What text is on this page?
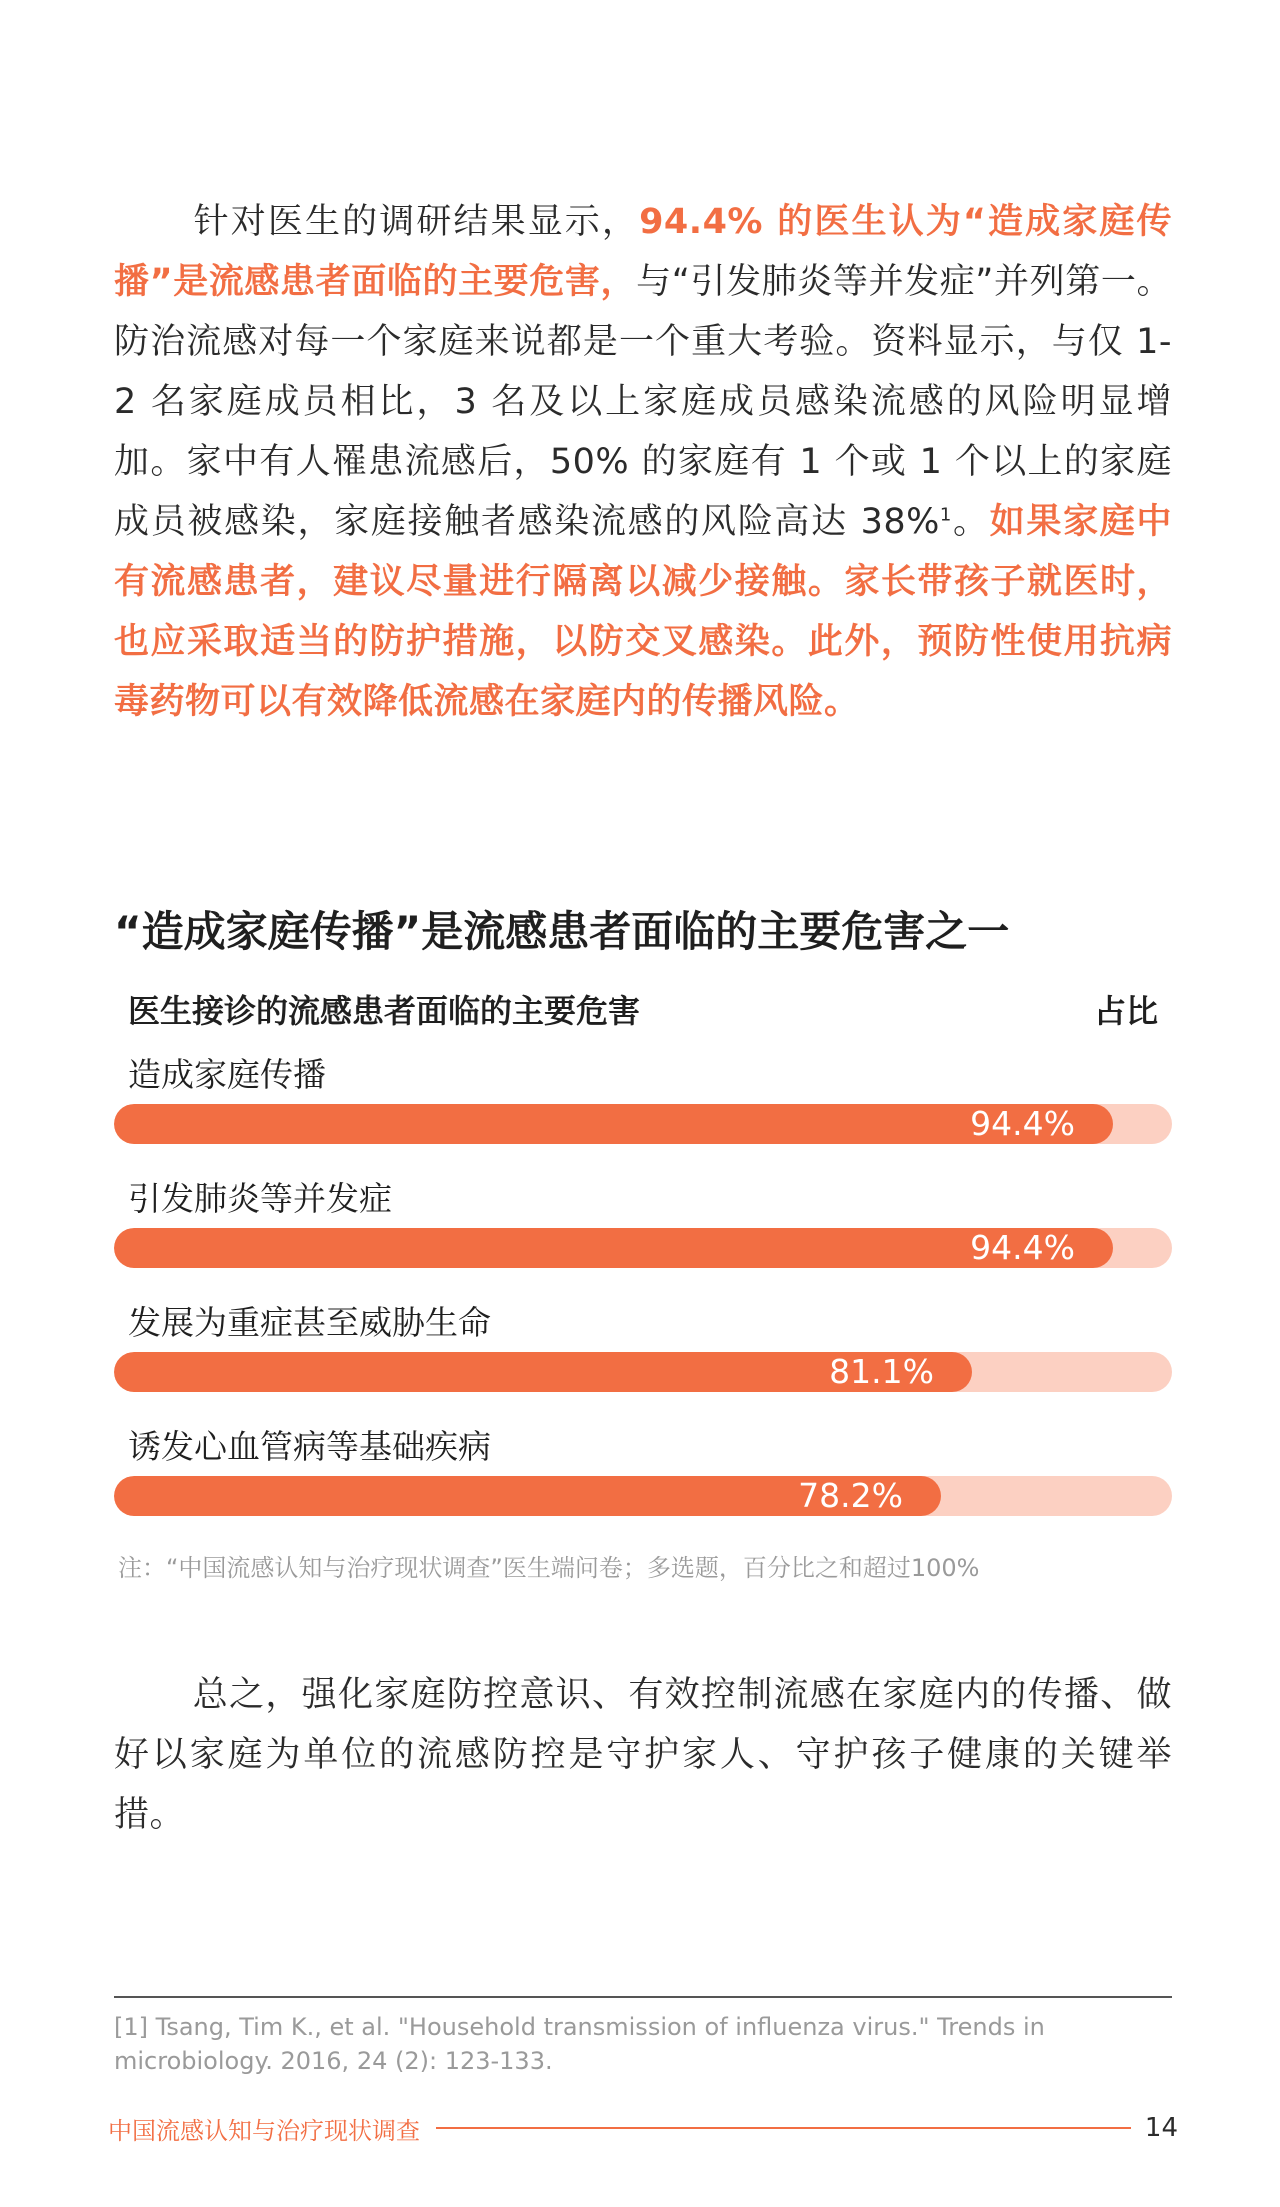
针对医生的调研结果显示，94.4% 的医生认为“造成家庭传播”是流感患者面临的主要危害，与“引发肺炎等并发症”并列第一。防治流感对每一个家庭来说都是一个重大考验。资料显示，与仅 1-2 名家庭成员相比，3 名及以上家庭成员感染流感的风险明显增加。家中有人罹患流感后，50% 的家庭有 1 个或 1 个以上的家庭成员被感染，家庭接触者感染流感的风险高达 38%$^1$。如果家庭中有流感患者，建议尽量进行隔离以减少接触。家长带孩子就医时，也应采取适当的防护措施，以防交叉感染。此外，预防性使用抗病毒药物可以有效降低流感在家庭内的传播风险。

“造成家庭传播”是流感患者面临的主要危害之一
医生接诊的流感患者面临的主要危害	占比
造成家庭传播
94.4%
引发肺炎等并发症
94.4%
发展为重症甚至威胁生命
81.1%
诱发心血管病等基础疾病
78.2%
注：“中国流感认知与治疗现状调查”医生端问卷；多选题，百分比之和超过100%

总之，强化家庭防控意识、有效控制流感在家庭内的传播、做好以家庭为单位的流感防控是守护家人、守护孩子健康的关键举措。

[1] Tsang, Tim K., et al. "Household transmission of influenza virus." Trends in microbiology. 2016, 24 (2): 123-133.

中国流感认知与治疗现状调查	14
